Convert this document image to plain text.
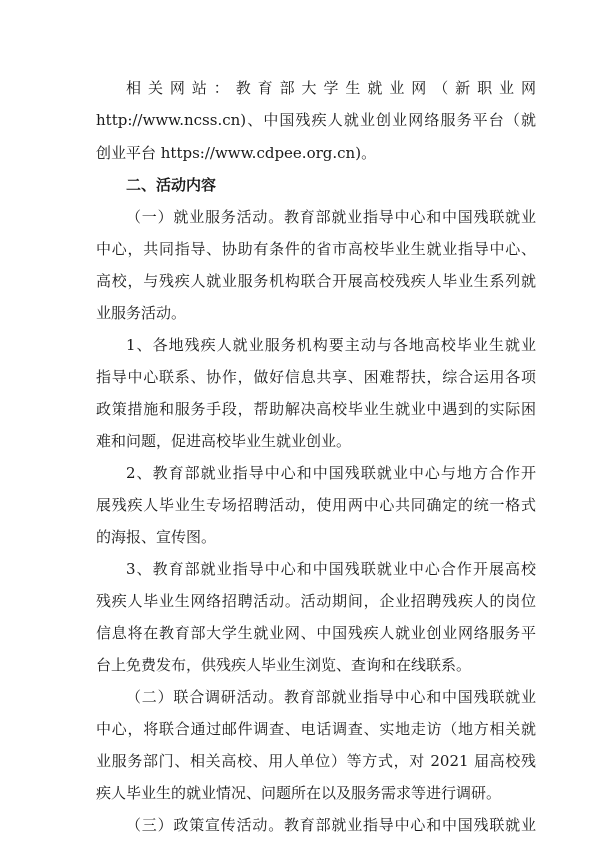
相关网站：教育部大学生就业网（新职业网
http://www.ncss.cn)、中国残疾人就业创业网络服务平台（就
创业平台 https://www.cdpee.org.cn)。
二、活动内容
（一）就业服务活动。教育部就业指导中心和中国残联就业
中心，共同指导、协助有条件的省市高校毕业生就业指导中心、
高校，与残疾人就业服务机构联合开展高校残疾人毕业生系列就
业服务活动。
1、各地残疾人就业服务机构要主动与各地高校毕业生就业
指导中心联系、协作，做好信息共享、困难帮扶，综合运用各项
政策措施和服务手段，帮助解决高校毕业生就业中遇到的实际困
难和问题，促进高校毕业生就业创业。
2、教育部就业指导中心和中国残联就业中心与地方合作开
展残疾人毕业生专场招聘活动，使用两中心共同确定的统一格式
的海报、宣传图。
3、教育部就业指导中心和中国残联就业中心合作开展高校
残疾人毕业生网络招聘活动。活动期间，企业招聘残疾人的岗位
信息将在教育部大学生就业网、中国残疾人就业创业网络服务平
台上免费发布，供残疾人毕业生浏览、查询和在线联系。
（二）联合调研活动。教育部就业指导中心和中国残联就业
中心，将联合通过邮件调查、电话调查、实地走访（地方相关就
业服务部门、相关高校、用人单位）等方式，对 2021 届高校残
疾人毕业生的就业情况、问题所在以及服务需求等进行调研。
（三）政策宣传活动。教育部就业指导中心和中国残联就业
